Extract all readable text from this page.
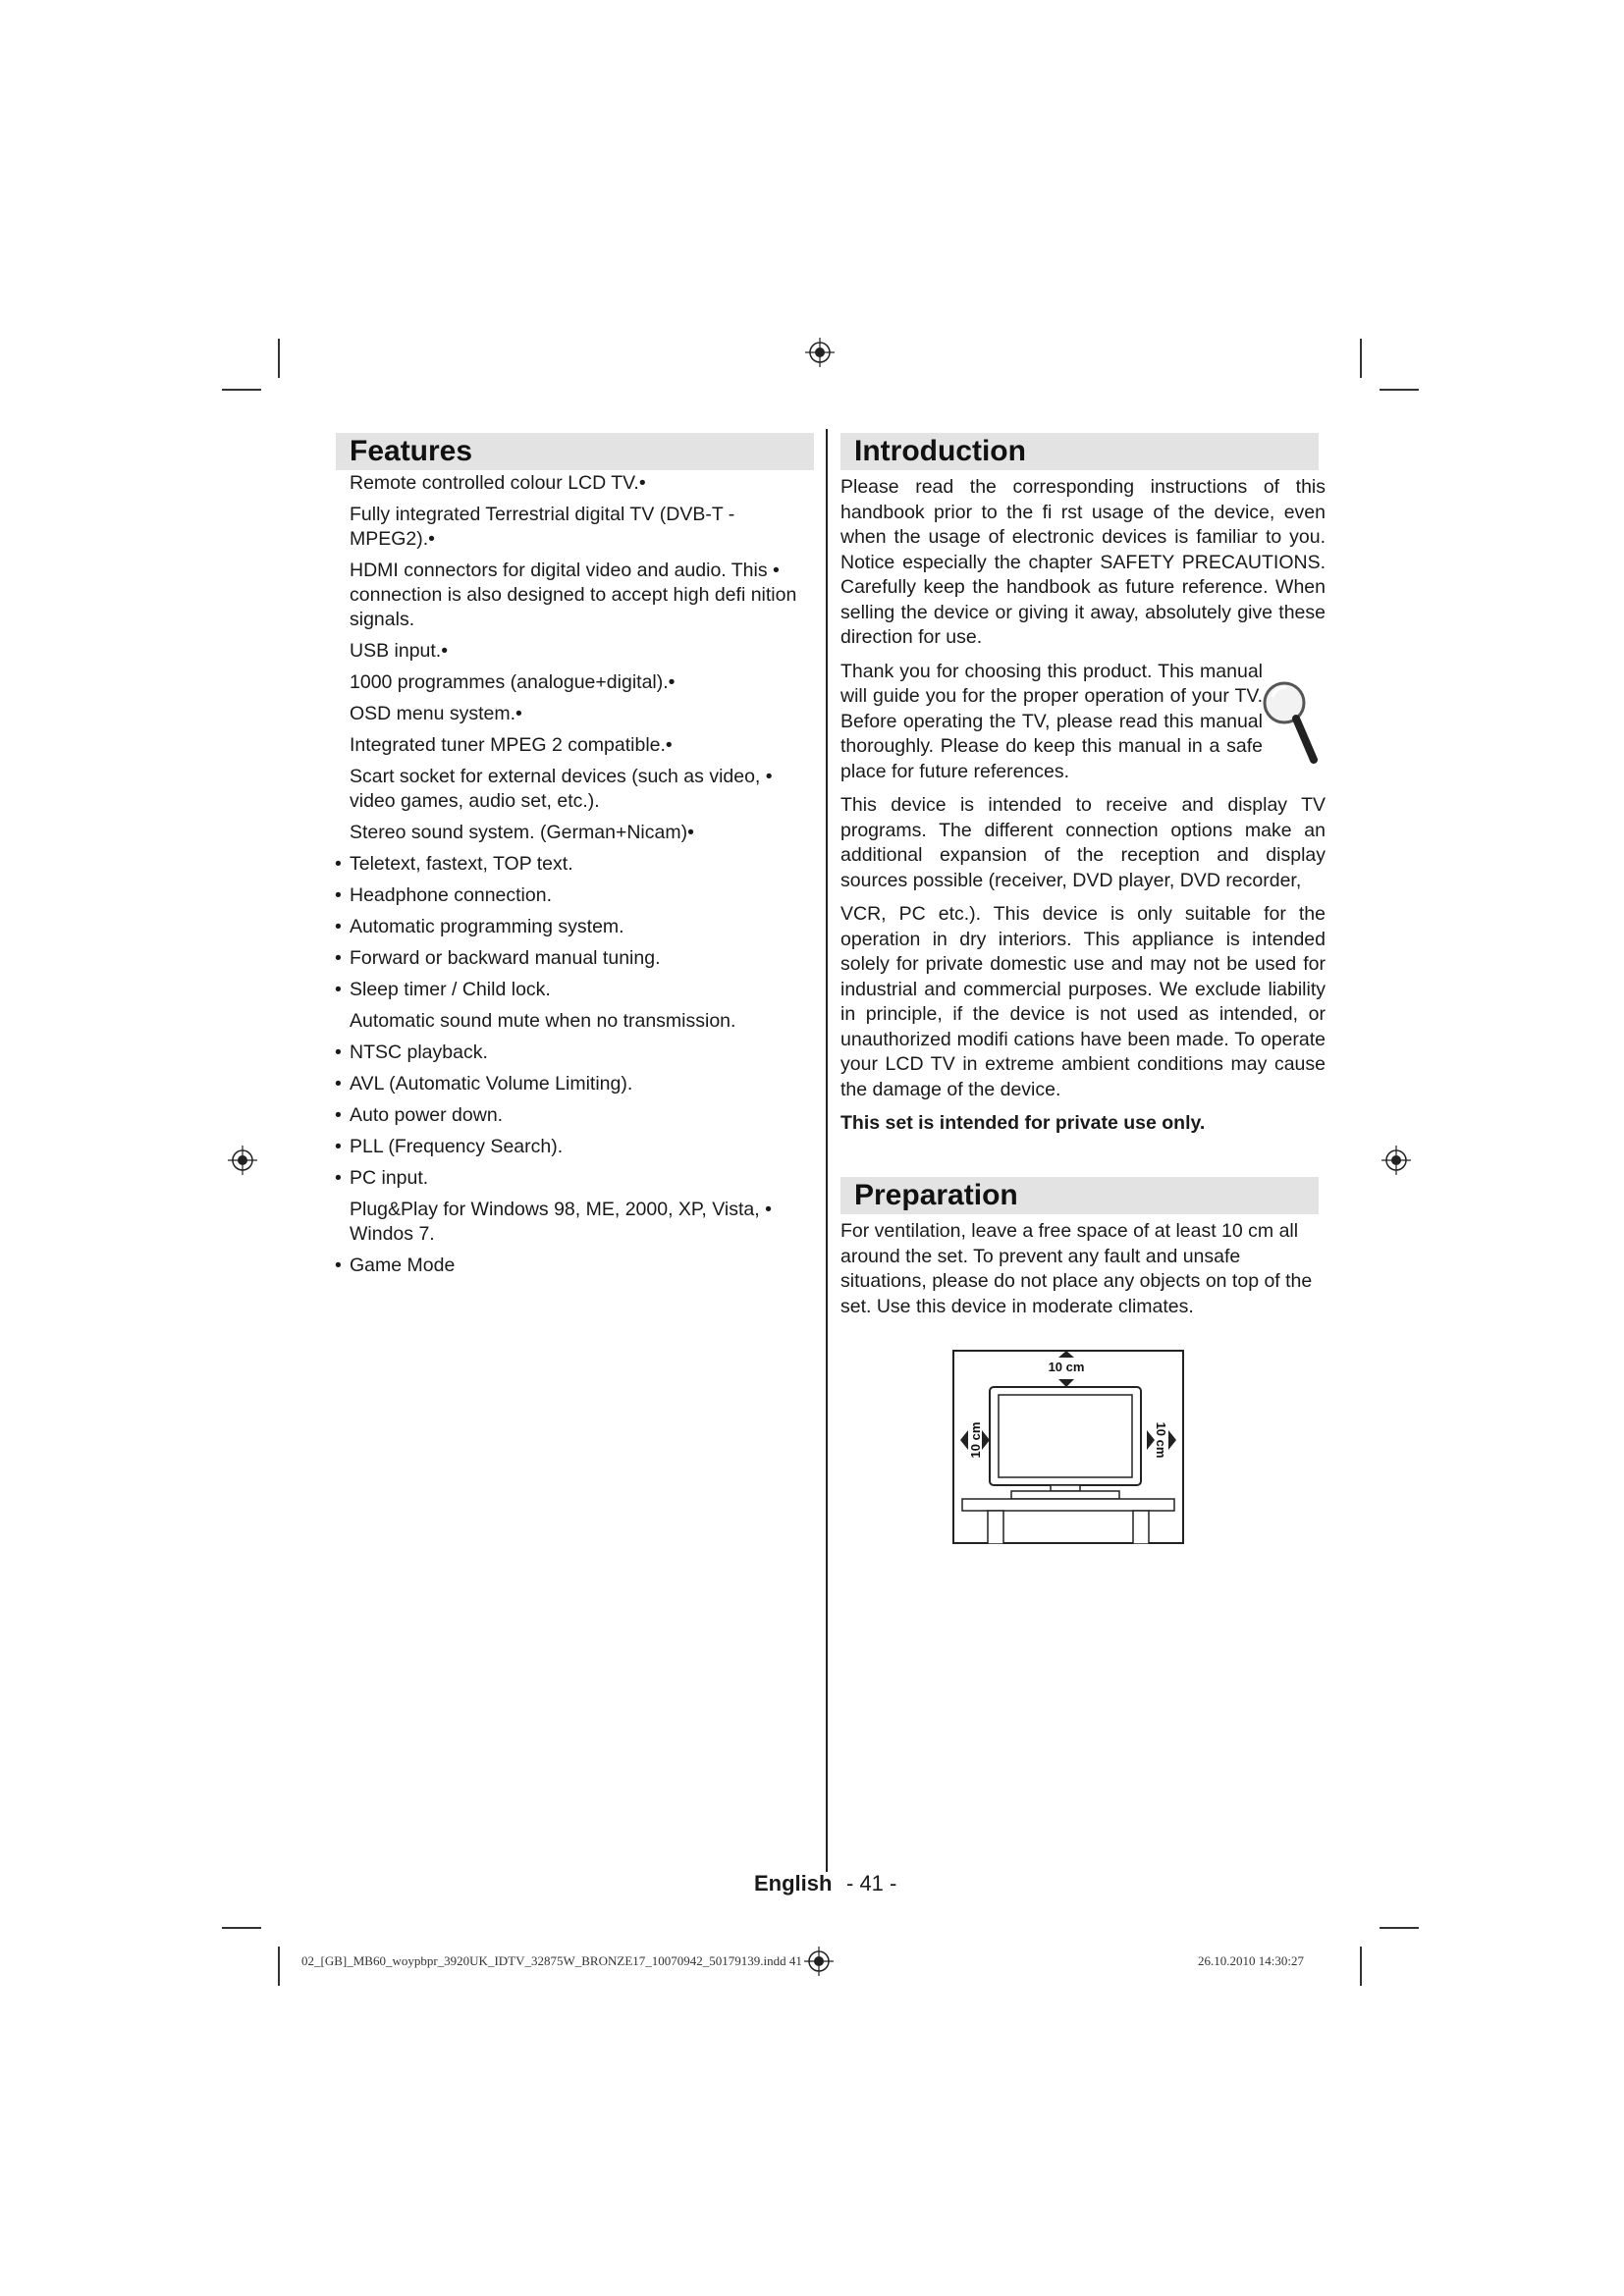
Features
Remote controlled colour LCD TV.•
Fully integrated Terrestrial digital TV (DVB-T - MPEG2).•
HDMI connectors for digital video and audio. This • connection is also designed to accept high defi nition signals.
USB input.•
1000 programmes (analogue+digital).•
OSD menu system.•
Integrated tuner MPEG 2 compatible.•
Scart socket for external devices (such as video, • video games, audio set, etc.).
Stereo sound system. (German+Nicam)•
• Teletext, fastext, TOP text.
• Headphone connection.
• Automatic programming system.
• Forward or backward manual tuning.
• Sleep timer / Child lock.
Automatic sound mute when no transmission.
• NTSC playback.
• AVL (Automatic Volume Limiting).
• Auto power down.
• PLL (Frequency Search).
• PC input.
Plug&Play for Windows 98, ME, 2000, XP, Vista, • Windos 7.
• Game Mode
Introduction

Please read the corresponding instructions of this handbook prior to the fi rst usage of the device, even when the usage of electronic devices is familiar to you. Notice especially the chapter SAFETY PRECAUTIONS. Carefully keep the handbook as future reference. When selling the device or giving it away, absolutely give these direction for use.

Thank you for choosing this product. This manual will guide you for the proper operation of your TV. Before operating the TV, please read this manual thoroughly. Please do keep this manual in a safe place for future references.

This device is intended to receive and display TV programs. The different connection options make an additional expansion of the reception and display sources possible (receiver, DVD player, DVD recorder,

VCR, PC etc.). This device is only suitable for the operation in dry interiors. This appliance is intended solely for private domestic use and may not be used for industrial and commercial purposes. We exclude liability in principle, if the device is not used as intended, or unauthorized modifi cations have been made. To operate your LCD TV in extreme ambient conditions may cause the damage of the device.

This set is intended for private use only.

Preparation

For ventilation, leave a free space of at least 10 cm all around the set. To prevent any fault and unsafe situations, please do not place any objects on top of the set. Use this device in moderate climates.

10 cm
10 cm	10 cm
English - 41 -
02_[GB]_MB60_woypbpr_3920UK_IDTV_32875W_BRONZE17_10070942_50179139.indd 41	26.10.2010 14:30:27
